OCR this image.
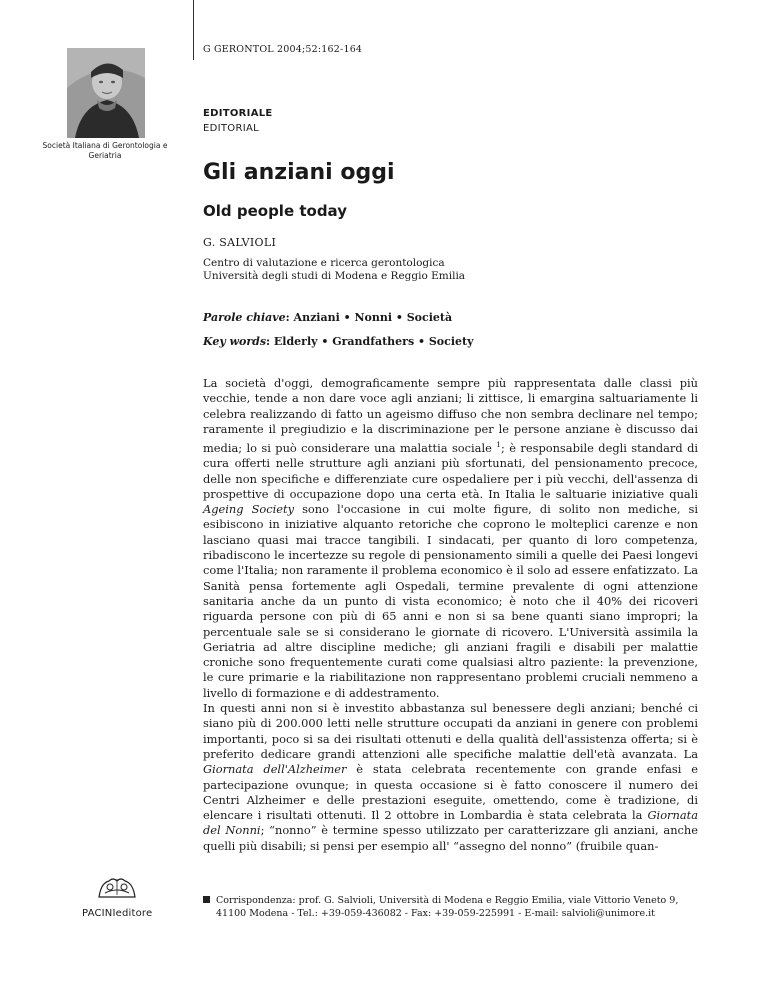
G GERONTOL 2004;52:162-164
Società Italiana di Gerontologia e Geriatria
EDITORIALE
EDITORIAL
Gli anziani oggi
Old people today
G. SALVIOLI
Centro di valutazione e ricerca gerontologica
Università degli studi di Modena e Reggio Emilia
Parole chiave: Anziani • Nonni • Società
Key words: Elderly • Grandfathers • Society

La società d'oggi, demograficamente sempre più rappresentata dalle classi più vecchie, tende a non dare voce agli anziani; li zittisce, li emargina saltuariamente li celebra realizzando di fatto un ageismo diffuso che non sembra declinare nel tempo; raramente il pregiudizio e la discriminazione per le persone anziane è discusso dai media; lo si può considerare una malattia sociale $^1$; è responsabile degli standard di cura offerti nelle strutture agli anziani più sfortunati, del pensionamento precoce, delle non specifiche e differenziate cure ospedaliere per i più vecchi, dell'assenza di prospettive di occupazione dopo una certa età. In Italia le saltuarie iniziative quali Ageing Society sono l'occasione in cui molte figure, di solito non mediche, si esibiscono in iniziative alquanto retoriche che coprono le molteplici carenze e non lasciano quasi mai tracce tangibili. I sindacati, per quanto di loro competenza, ribadiscono le incertezze su regole di pensionamento simili a quelle dei Paesi longevi come l'Italia; non raramente il problema economico è il solo ad essere enfatizzato. La Sanità pensa fortemente agli Ospedali, termine prevalente di ogni attenzione sanitaria anche da un punto di vista economico; è noto che il 40% dei ricoveri riguarda persone con più di 65 anni e non si sa bene quanti siano impropri; la percentuale sale se si considerano le giornate di ricovero. L'Università assimila la Geriatria ad altre discipline mediche; gli anziani fragili e disabili per malattie croniche sono frequentemente curati come qualsiasi altro paziente: la prevenzione, le cure primarie e la riabilitazione non rappresentano problemi cruciali nemmeno a livello di formazione e di addestramento.

In questi anni non si è investito abbastanza sul benessere degli anziani; benché ci siano più di 200.000 letti nelle strutture occupati da anziani in genere con problemi importanti, poco si sa dei risultati ottenuti e della qualità dell'assistenza offerta; si è preferito dedicare grandi attenzioni alle specifiche malattie dell'età avanzata. La Giornata dell'Alzheimer è stata celebrata recentemente con grande enfasi e partecipazione ovunque; in questa occasione si è fatto conoscere il numero dei Centri Alzheimer e delle prestazioni eseguite, omettendo, come è tradizione, di elencare i risultati ottenuti. Il 2 ottobre in Lombardia è stata celebrata la Giornata del Nonni; “nonno” è termine spesso utilizzato per caratterizzare gli anziani, anche quelli più disabili; si pensi per esempio all' “assegno del nonno” (fruibile quan-

PACINIeditore
Corrispondenza: prof. G. Salvioli, Università di Modena e Reggio Emilia, viale Vittorio Veneto 9,
41100 Modena - Tel.: +39-059-436082 - Fax: +39-059-225991 - E-mail: salvioli@unimore.it
